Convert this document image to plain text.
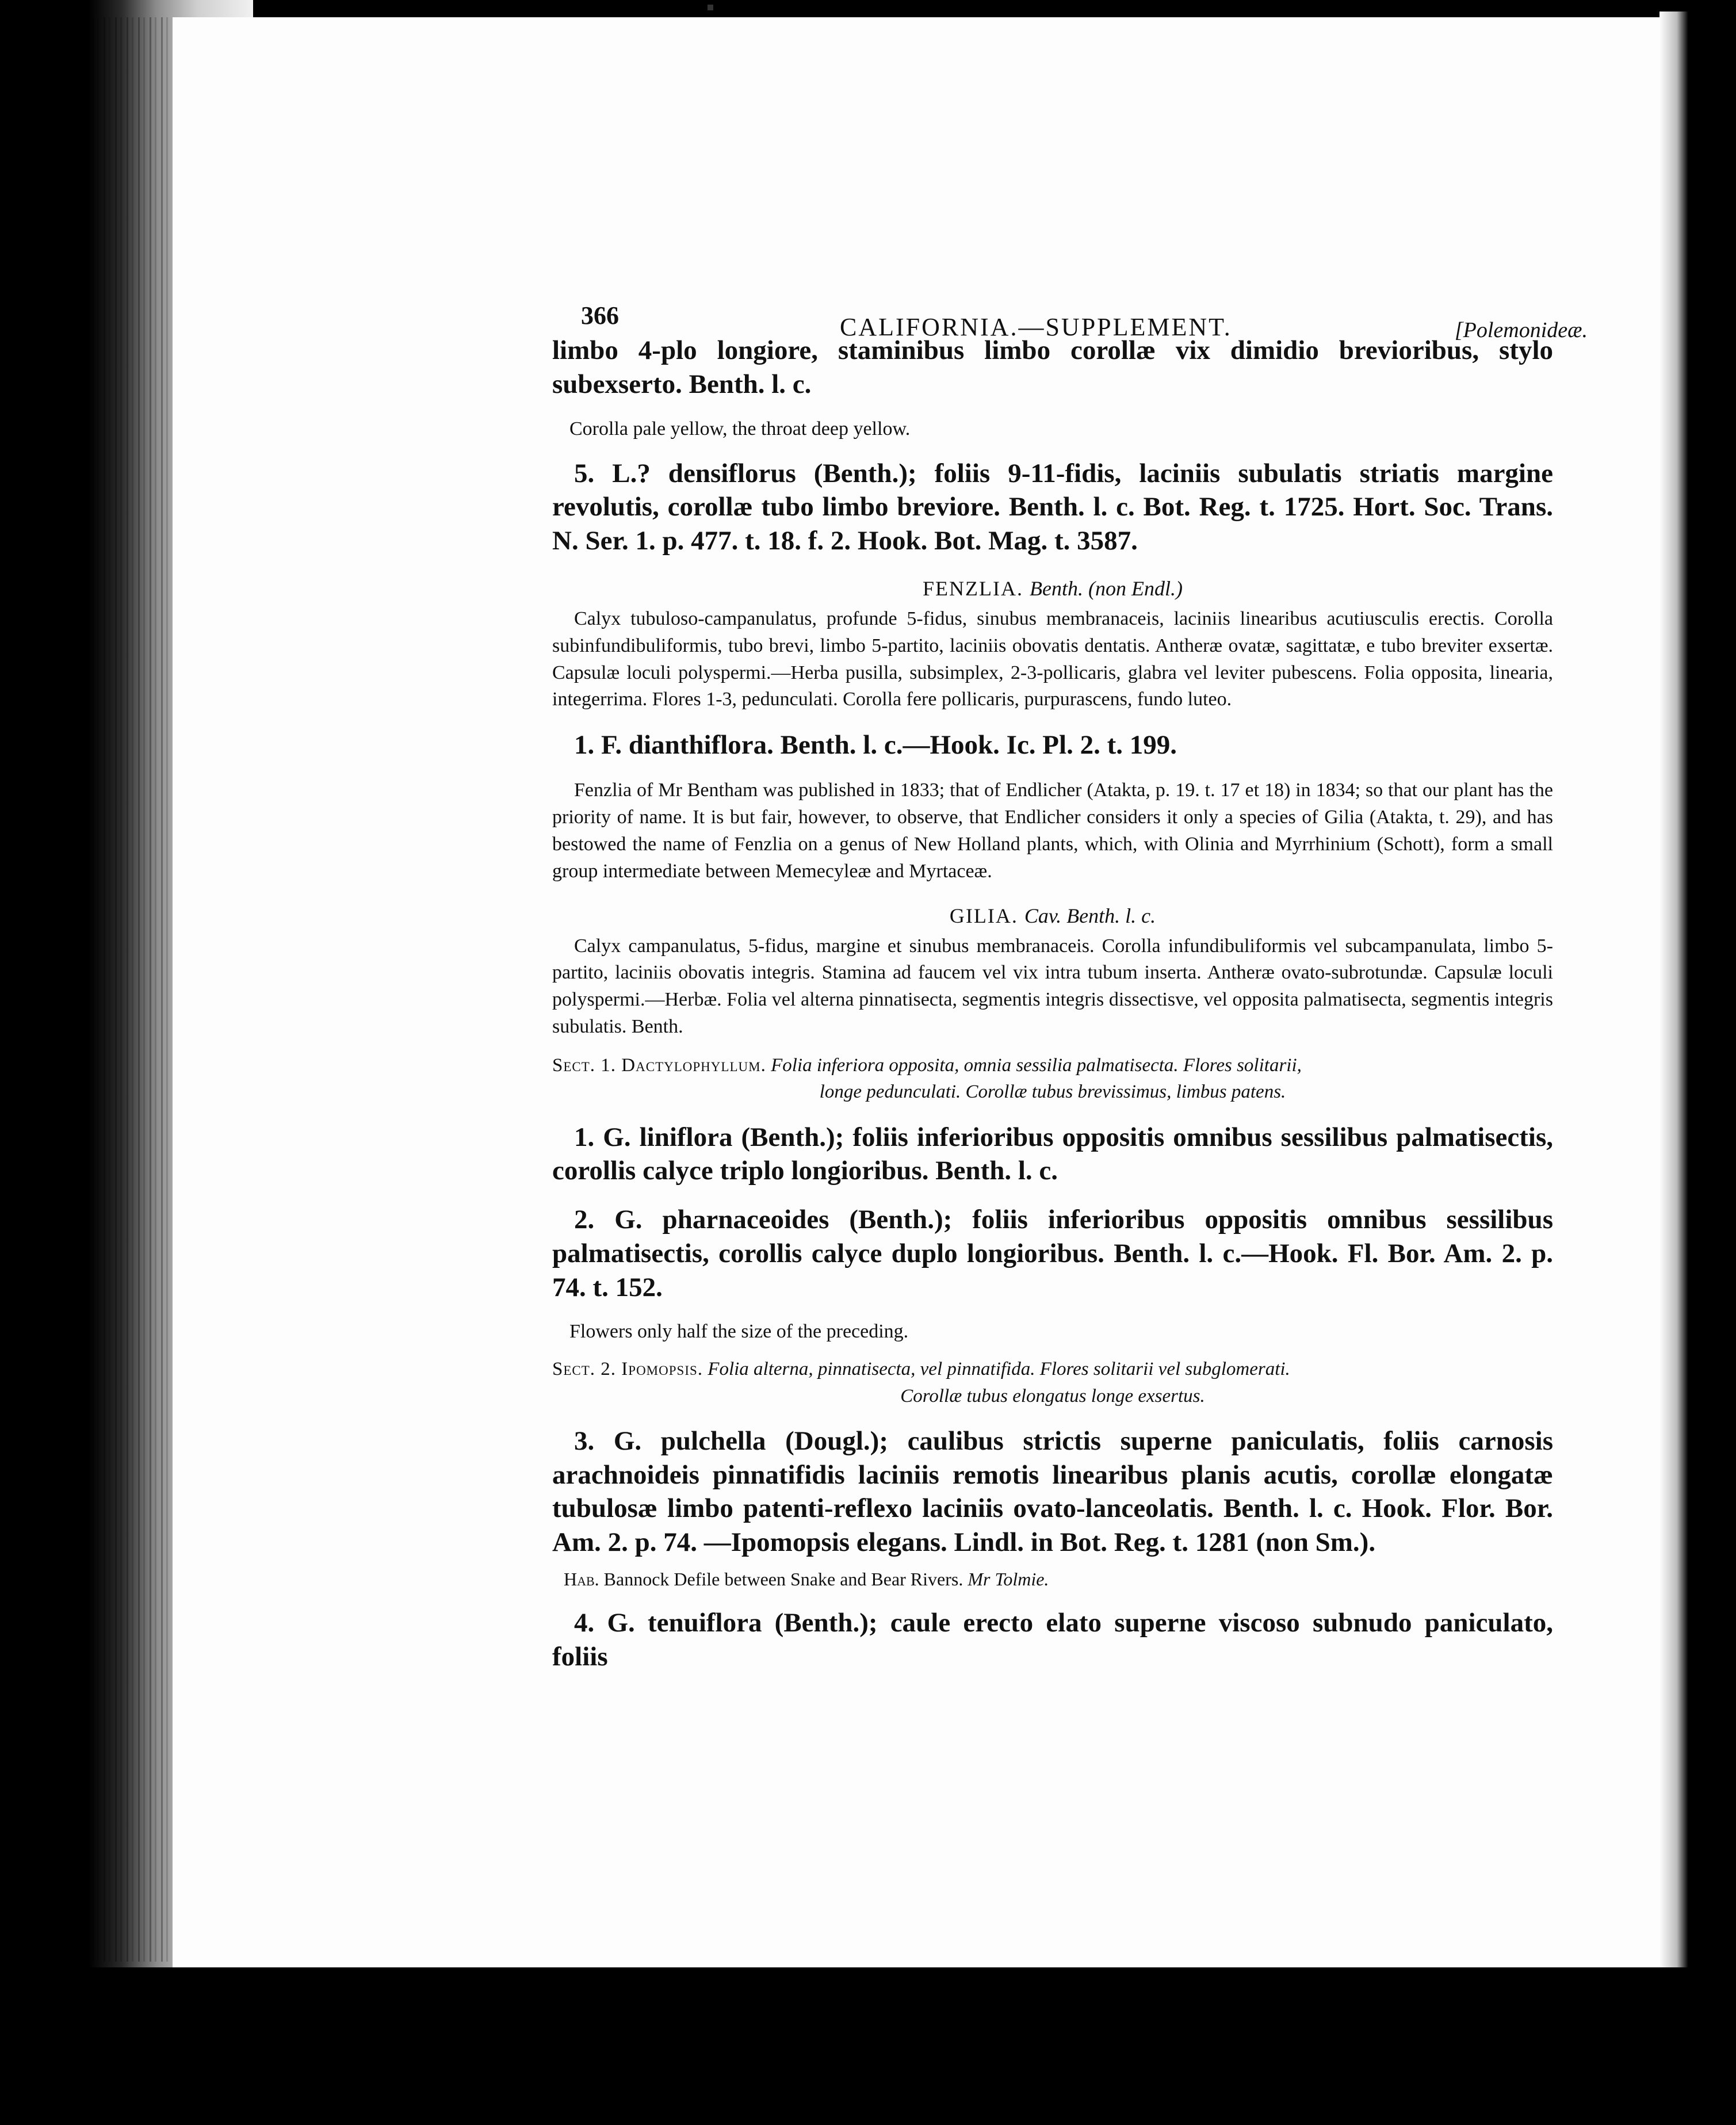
366	CALIFORNIA.—SUPPLEMENT.	[Polemonideæ.

limbo 4-plo longiore, staminibus limbo corollæ vix dimidio brevioribus, stylo subexserto. Benth. l. c.

Corolla pale yellow, the throat deep yellow.

5. L.? densiflorus (Benth.); foliis 9-11-fidis, laciniis subulatis striatis margine revolutis, corollæ tubo limbo breviore. Benth. l. c. Bot. Reg. t. 1725. Hort. Soc. Trans. N. Ser. 1. p. 477. t. 18. f. 2. Hook. Bot. Mag. t. 3587.

FENZLIA. Benth. (non Endl.)

Calyx tubuloso-campanulatus, profunde 5-fidus, sinubus membranaceis, laciniis linearibus acutiusculis erectis. Corolla subinfundibuliformis, tubo brevi, limbo 5-partito, laciniis obovatis dentatis. Antheræ ovatæ, sagittatæ, e tubo breviter exsertæ. Capsulæ loculi polyspermi.—Herba pusilla, subsimplex, 2-3-pollicaris, glabra vel leviter pubescens. Folia opposita, linearia, integerrima. Flores 1-3, pedunculati. Corolla fere pollicaris, purpurascens, fundo luteo.

1. F. dianthiflora. Benth. l. c.—Hook. Ic. Pl. 2. t. 199.

Fenzlia of Mr Bentham was published in 1833; that of Endlicher (Atakta, p. 19. t. 17 et 18) in 1834; so that our plant has the priority of name. It is but fair, however, to observe, that Endlicher considers it only a species of Gilia (Atakta, t. 29), and has bestowed the name of Fenzlia on a genus of New Holland plants, which, with Olinia and Myrrhinium (Schott), form a small group intermediate between Memecyleæ and Myrtaceæ.

GILIA. Cav. Benth. l. c.

Calyx campanulatus, 5-fidus, margine et sinubus membranaceis. Corolla infundibuliformis vel subcampanulata, limbo 5-partito, laciniis obovatis integris. Stamina ad faucem vel vix intra tubum inserta. Antheræ ovato-subrotundæ. Capsulæ loculi polyspermi.—Herbæ. Folia vel alterna pinnatisecta, segmentis integris dissectisve, vel opposita palmatisecta, segmentis integris subulatis. Benth.

Sect. 1. Dactylophyllum. Folia inferiora opposita, omnia sessilia palmatisecta. Flores solitarii,
longe pedunculati. Corollæ tubus brevissimus, limbus patens.

1. G. liniflora (Benth.); foliis inferioribus oppositis omnibus sessilibus palmatisectis, corollis calyce triplo longioribus. Benth. l. c.

2. G. pharnaceoides (Benth.); foliis inferioribus oppositis omnibus sessilibus palmatisectis, corollis calyce duplo longioribus. Benth. l. c.—Hook. Fl. Bor. Am. 2. p. 74. t. 152.

Flowers only half the size of the preceding.

Sect. 2. Ipomopsis. Folia alterna, pinnatisecta, vel pinnatifida. Flores solitarii vel subglomerati.
Corollæ tubus elongatus longe exsertus.

3. G. pulchella (Dougl.); caulibus strictis superne paniculatis, foliis carnosis arachnoideis pinnatifidis laciniis remotis linearibus planis acutis, corollæ elongatæ tubulosæ limbo patenti-reflexo laciniis ovato-lanceolatis. Benth. l. c. Hook. Flor. Bor. Am. 2. p. 74. —Ipomopsis elegans. Lindl. in Bot. Reg. t. 1281 (non Sm.).

Hab. Bannock Defile between Snake and Bear Rivers. Mr Tolmie.

4. G. tenuiflora (Benth.); caule erecto elato superne viscoso subnudo paniculato, foliis
